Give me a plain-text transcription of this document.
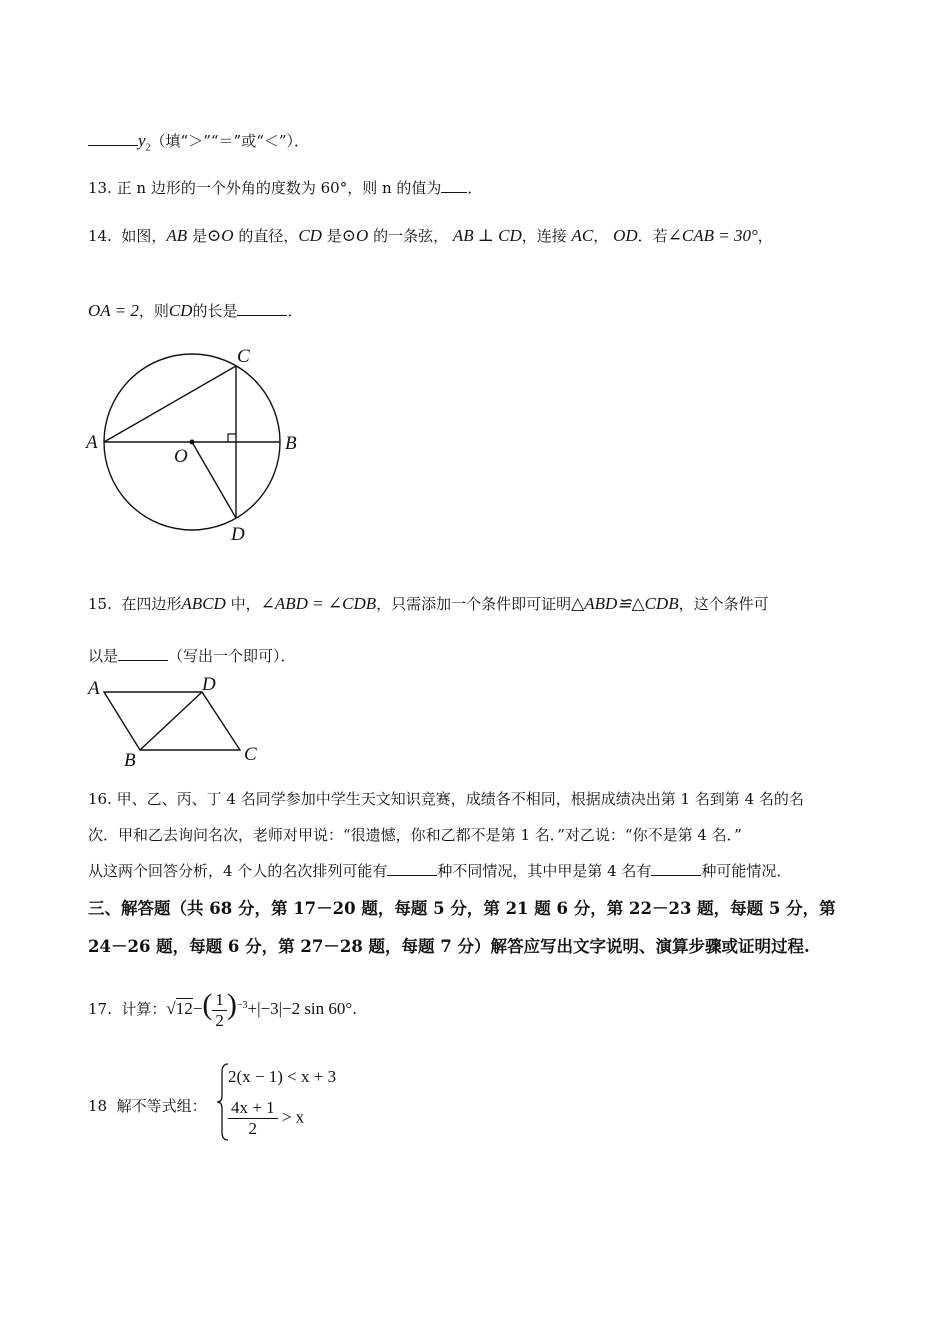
$y_2$（填“＞”“＝”或“＜”）．
13. 正 n 边形的一个外角的度数为 60°，则 n 的值为 ．
14. 如图，AB 是⊙O 的直径，CD 是⊙O 的一条弦， AB ⊥ CD，连接 AC， OD．若∠CAB = 30°，
OA = 2，则CD的长是	．
A	B
C
D
O
15. 在四边形ABCD 中，∠ABD = ∠CDB，只需添加一个条件即可证明△ABD≌△CDB，这个条件可
以是	（写出一个即可）．
A	D
B	C
16. 甲、乙、丙、丁 4 名同学参加中学生天文知识竞赛，成绩各不相同，根据成绩决出第 1 名到第 4 名的名
次．甲和乙去询问名次，老师对甲说：“很遗憾，你和乙都不是第 1 名．”对乙说：“你不是第 4 名．”
从这两个回答分析，4 个人的名次排列可能有	种不同情况，其中甲是第 4 名有	种可能情况．
三、解答题（共 68 分，第 17－20 题，每题 5 分，第 21 题 6 分，第 22－23 题，每题 5 分，第
24－26 题，每题 6 分，第 27－28 题，每题 7 分）解答应写出文字说明、演算步骤或证明过程.
17. 计算：$√12-( \frac{1}{2} )^{-3}+|-3|-2$ sin 60°.
18 解不等式组：
2(x − 1) < x + 3
$\frac{4x + 1}{2} > x$
